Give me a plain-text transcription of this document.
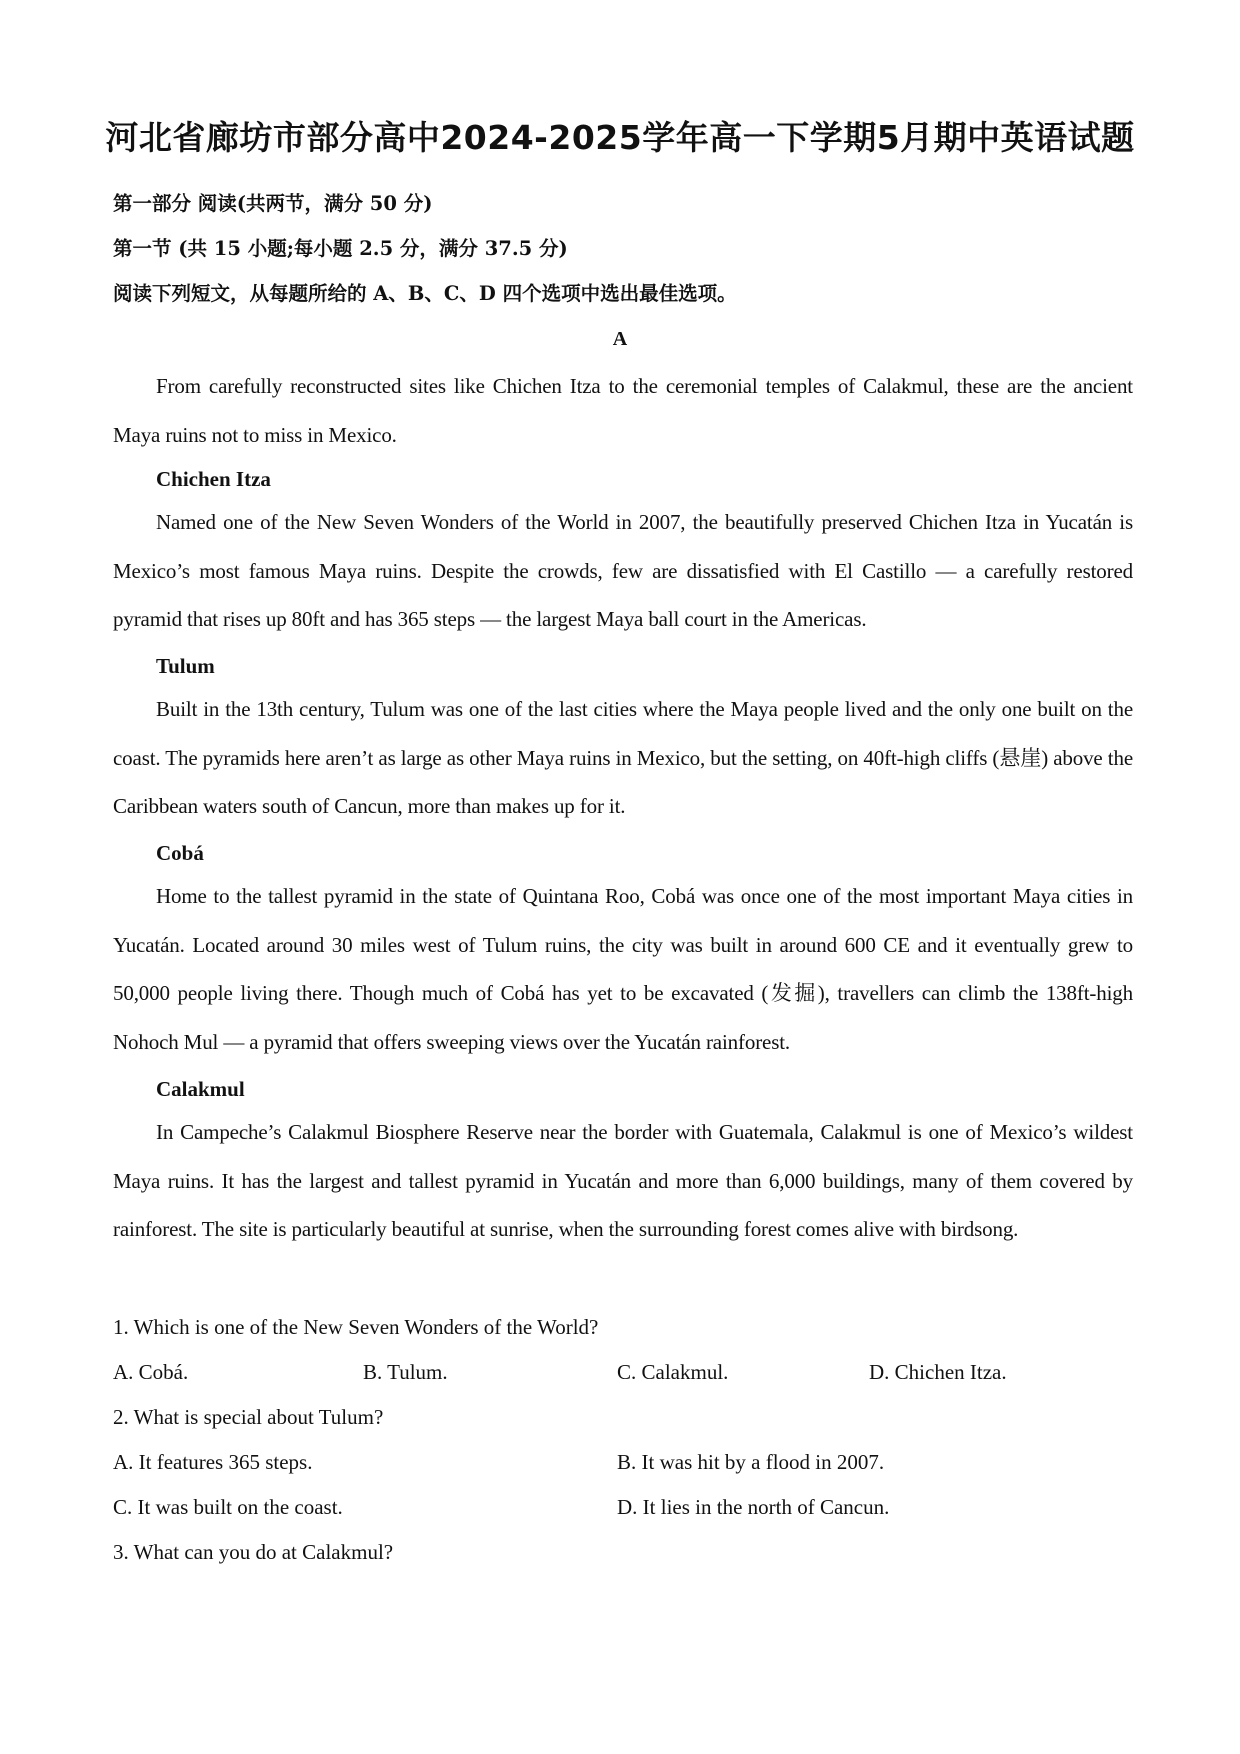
河北省廊坊市部分高中2024-2025学年高一下学期5月期中英语试题

第一部分 阅读(共两节，满分 50 分)

第一节 (共 15 小题;每小题 2.5 分，满分 37.5 分)

阅读下列短文，从每题所给的 A、B、C、D 四个选项中选出最佳选项。

A

From carefully reconstructed sites like Chichen Itza to the ceremonial temples of Calakmul, these are the ancient Maya ruins not to miss in Mexico.

Chichen Itza

Named one of the New Seven Wonders of the World in 2007, the beautifully preserved Chichen Itza in Yucatán is Mexico’s most famous Maya ruins. Despite the crowds, few are dissatisfied with El Castillo — a carefully restored pyramid that rises up 80ft and has 365 steps — the largest Maya ball court in the Americas.

Tulum

Built in the 13th century, Tulum was one of the last cities where the Maya people lived and the only one built on the coast. The pyramids here aren’t as large as other Maya ruins in Mexico, but the setting, on 40ft-high cliffs (悬崖) above the Caribbean waters south of Cancun, more than makes up for it.

Cobá

Home to the tallest pyramid in the state of Quintana Roo, Cobá was once one of the most important Maya cities in Yucatán. Located around 30 miles west of Tulum ruins, the city was built in around 600 CE and it eventually grew to 50,000 people living there. Though much of Cobá has yet to be excavated (发掘), travellers can climb the 138ft-high Nohoch Mul — a pyramid that offers sweeping views over the Yucatán rainforest.

Calakmul

In Campeche’s Calakmul Biosphere Reserve near the border with Guatemala, Calakmul is one of Mexico’s wildest Maya ruins. It has the largest and tallest pyramid in Yucatán and more than 6,000 buildings, many of them covered by rainforest. The site is particularly beautiful at sunrise, when the surrounding forest comes alive with birdsong.

1. Which is one of the New Seven Wonders of the World?

A. Cobá.	B. Tulum.	C. Calakmul.	D. Chichen Itza.

2. What is special about Tulum?

A. It features 365 steps.	B. It was hit by a flood in 2007.

C. It was built on the coast.	D. It lies in the north of Cancun.

3. What can you do at Calakmul?
